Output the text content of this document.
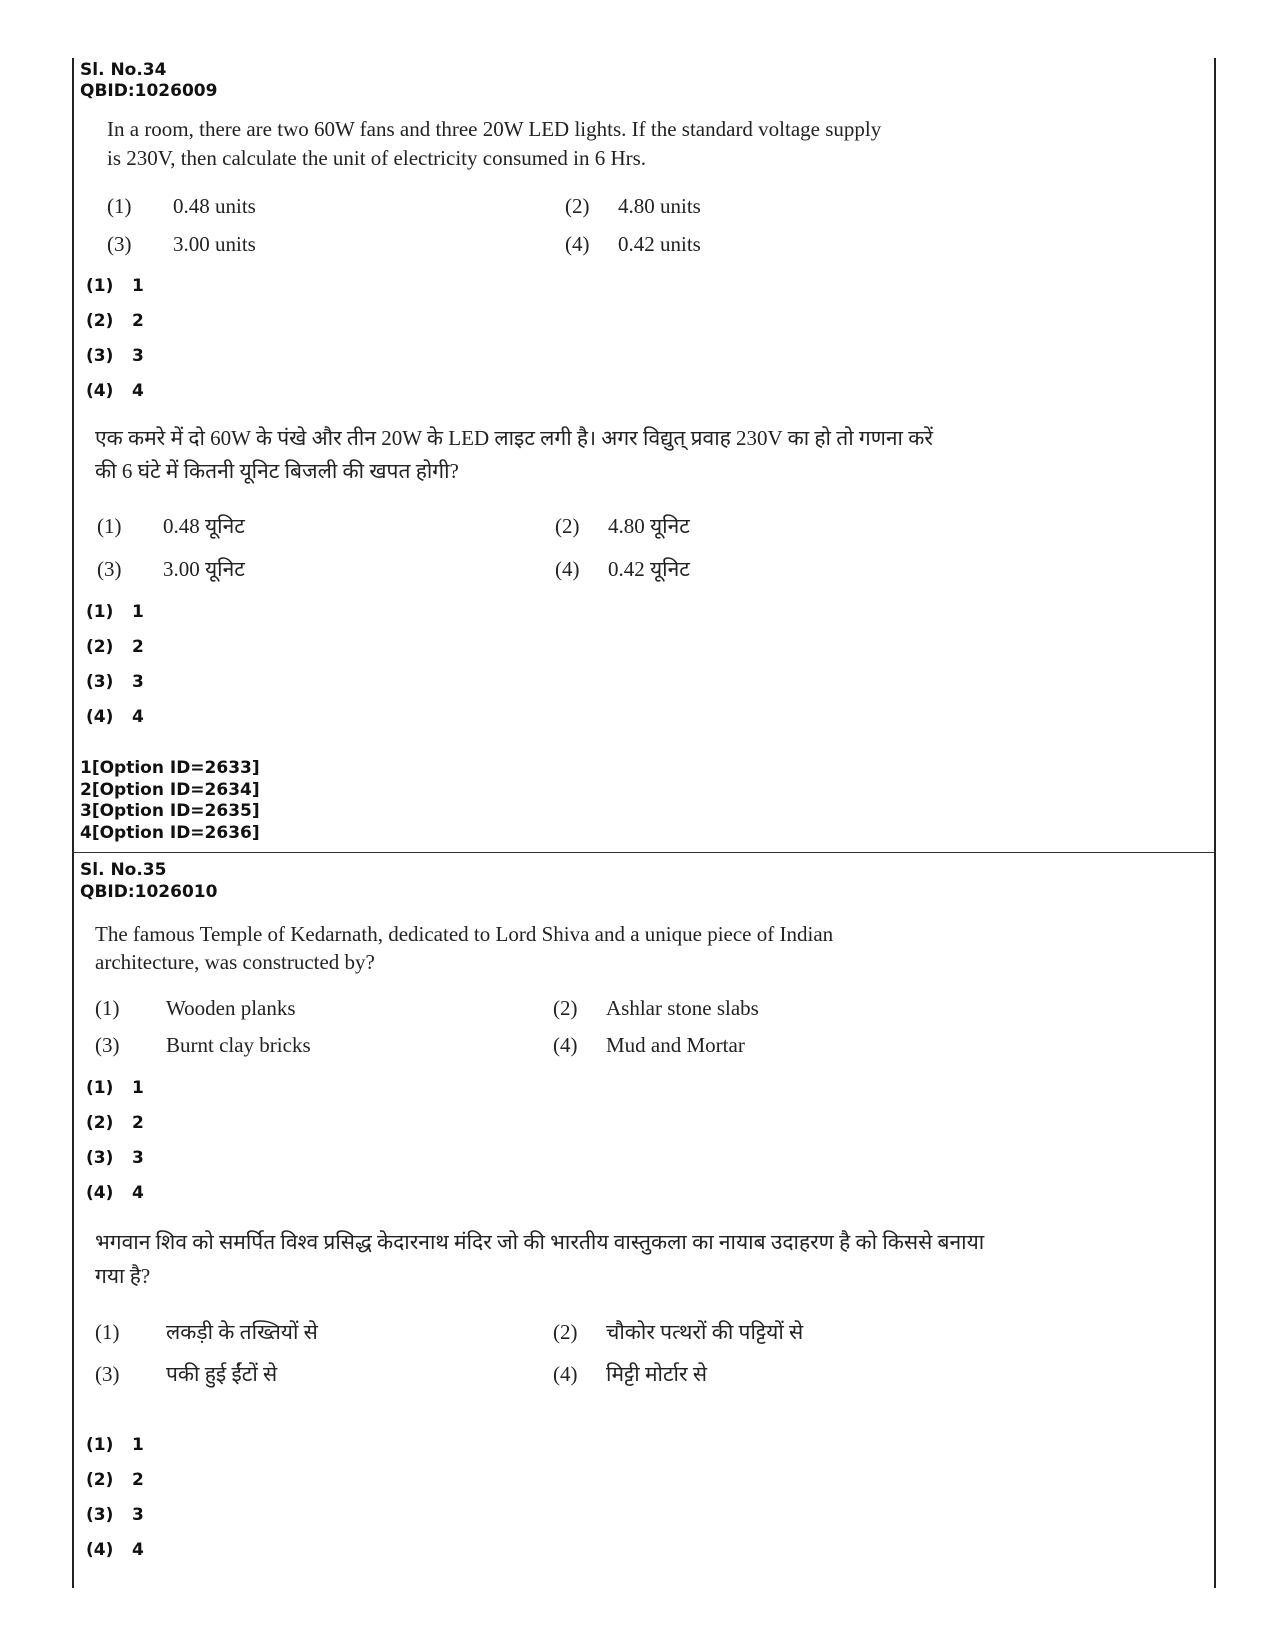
Sl. No.34
QBID:1026009
In a room, there are two 60W fans and three 20W LED lights. If the standard voltage supply
is 230V, then calculate the unit of electricity consumed in 6 Hrs.
(1)	0.48 units	(2)	4.80 units
(3)	3.00 units	(4)	0.42 units
(1) 1
(2) 2
(3) 3
(4) 4
एक कमरे में दो 60W के पंखे और तीन 20W के LED लाइट लगी है। अगर विद्युत् प्रवाह 230V का हो तो गणना करें
की 6 घंटे में कितनी यूनिट बिजली की खपत होगी?
(1)	0.48 यूनिट	(2)	4.80 यूनिट
(3)	3.00 यूनिट	(4)	0.42 यूनिट
(1) 1
(2) 2
(3) 3
(4) 4
1[Option ID=2633]
2[Option ID=2634]
3[Option ID=2635]
4[Option ID=2636]
Sl. No.35
QBID:1026010
The famous Temple of Kedarnath, dedicated to Lord Shiva and a unique piece of Indian
architecture, was constructed by?
(1)	Wooden planks	(2)	Ashlar stone slabs
(3)	Burnt clay bricks	(4)	Mud and Mortar
(1) 1
(2) 2
(3) 3
(4) 4
भगवान शिव को समर्पित विश्व प्रसिद्ध केदारनाथ मंदिर जो की भारतीय वास्तुकला का नायाब उदाहरण है को किससे बनाया
गया है?
(1)	लकड़ी के तख्तियों से	(2)	चौकोर पत्थरों की पट्टियों से
(3)	पकी हुई ईंटों से	(4)	मिट्टी मोर्टार से
(1) 1
(2) 2
(3) 3
(4) 4
